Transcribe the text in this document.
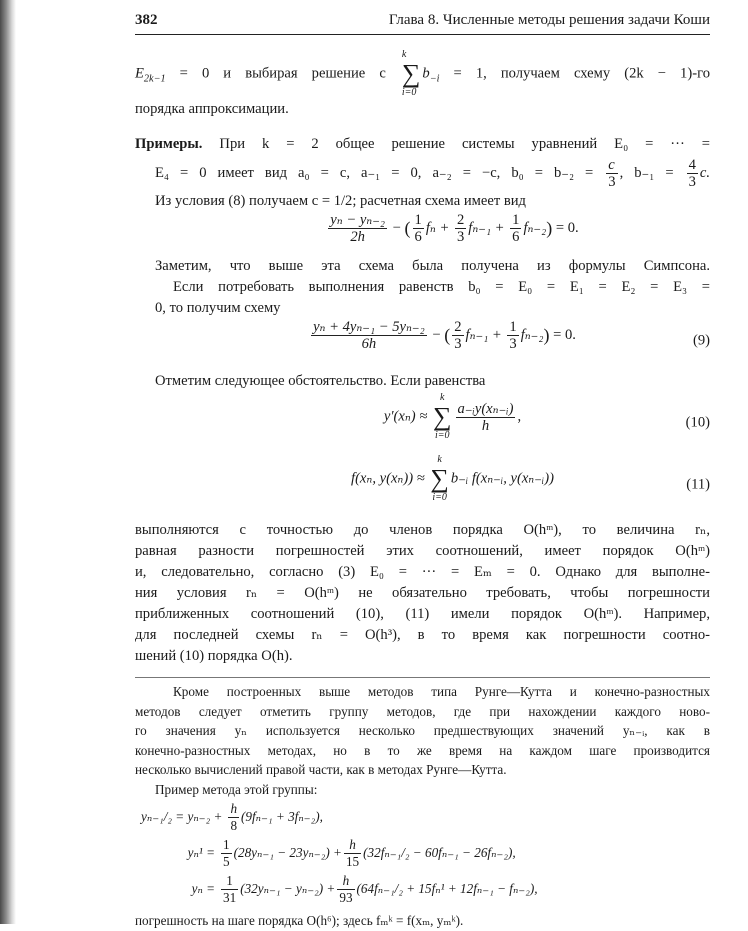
382	Глава 8. Численные методы решения задачи Коши
$E_{2k-1} = 0$ и выбирая решение с
k
∑
i=0
$b_{-i} = 1$, получаем схему (2k − 1)-го
порядка аппроксимации.
Примеры. При k = 2 общее решение системы уравнений E₀ = ··· =
E₄ = 0 имеет вид a₀ = c, a₋₁ = 0, a₋₂ = −c, $b_0 = b_{-2} = \frac{c}{3}$ , $b_{-1} = \frac{4}{3} c$.
Из условия (8) получаем c = 1/2; расчетная схема имеет вид
$\frac{\text{yₙ − yₙ₋₂}}{2h}$ − ( $\frac{1}{6}$ $f_n + \frac{2}{3} f_{n-1} + \frac{1}{6} f_{n-2}) = 0$.
Заметим, что выше эта схема была получена из формулы Симпсона.
Если потребовать выполнения равенств b₀ = E₀ = E₁ = E₂ = E₃ =
0, то получим схему
$\frac{\text{yₙ + 4yₙ₋₁ − 5yₙ₋₂}}{6h}$ − ( $\frac{2}{3} f_{n-1} + \frac{1}{3} f_{n-2}) = 0$.	(9)
Отметим следующее обстоятельство. Если равенства
y′(xₙ) ≈
k
∑
i=0
$\frac{\text{a₋ᵢy(xₙ₋ᵢ)}}{h}$ ,	(10)
f(xₙ, y(xₙ)) ≈
k
∑
i=0
b₋ᵢ f(xₙ₋ᵢ, y(xₙ₋ᵢ))	(11)
выполняются с точностью до членов порядка O(hᵐ), то величина rₙ,
равная разности погрешностей этих соотношений, имеет порядок O(hᵐ)
и, следовательно, согласно (3) E₀ = ··· = Eₘ = 0. Однако для выполне-
ния условия rₙ = O(hᵐ) не обязательно требовать, чтобы погрешности
приближенных соотношений (10), (11) имели порядок O(hᵐ). Например,
для последней схемы rₙ = O(h³), в то время как погрешности соотно-
шений (10) порядка O(h).
Кроме построенных выше методов типа Рунге—Кутта и конечно-разностных
методов следует отметить группу методов, где при нахождении каждого ново-
го значения yₙ используется несколько предшествующих значений yₙ₋ᵢ, как в
конечно-разностных методах, но в то же время на каждом шаге производится
несколько вычислений правой части, как в методах Рунге—Кутта.
Пример метода этой группы:
$y_{n-1}/_2 = y_{n-2} + \frac{h}{8} (9f_{n-1} + 3f_{n-2})$,
$y_n^1 = \frac{1}{5} (28y_{n-1} - 23y_{n-2}) + \frac{h}{15} (32f_{n-1}/_2 - 60f_{n-1} - 26f_{n-2})$,
$y_n = \frac{1}{31} (32y_{n-1} - y_{n-2}) + \frac{h}{93} (64f_{n-1}/_2 + 15f_n^1 + 12f_{n-1} - f_{n-2})$,
погрешность на шаге порядка O(h⁶); здесь fₘᵏ = f(xₘ, yₘᵏ).
